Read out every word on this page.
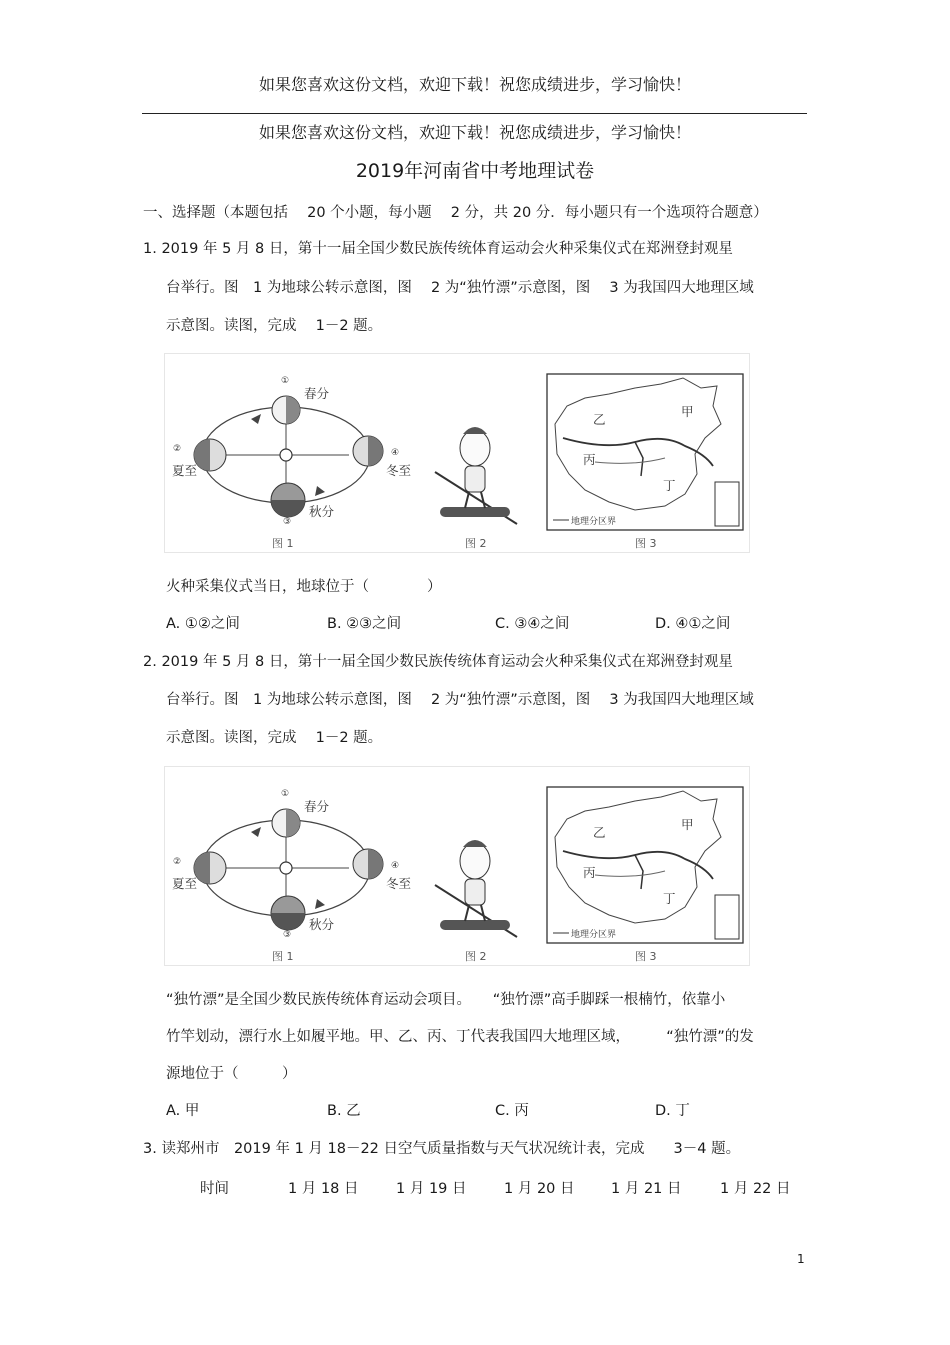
如果您喜欢这份文档，欢迎下载！祝您成绩进步，学习愉快！
如果您喜欢这份文档，欢迎下载！祝您成绩进步，学习愉快！
2019年河南省中考地理试卷
一、选择题（本题包括　 20 个小题，每小题　 2 分，共 20 分．每小题只有一个选项符合题意）
1. 2019 年 5 月 8 日，第十一届全国少数民族传统体育运动会火种采集仪式在郑洲登封观星
台举行。图　1 为地球公转示意图，图　 2 为“独竹漂”示意图，图　 3 为我国四大地理区域
示意图。读图，完成　 1－2 题。
①
春分
②
夏至
④
冬至
秋分
③
图 1	图 2	图 3
甲
乙
丙
丁
地理分区界
火种采集仪式当日，地球位于（　　　　）
A. ①②之间	B. ②③之间	C. ③④之间	D. ④①之间
2. 2019 年 5 月 8 日，第十一届全国少数民族传统体育运动会火种采集仪式在郑洲登封观星
台举行。图　1 为地球公转示意图，图　 2 为“独竹漂”示意图，图　 3 为我国四大地理区域
示意图。读图，完成　 1－2 题。
①
春分
②
夏至
④
冬至
秋分
③
图 1	图 2	图 3
甲
乙
丙
丁
地理分区界
“独竹漂”是全国少数民族传统体育运动会项目。　　“独竹漂”高手脚踩一根楠竹，依靠小
竹竿划动，漂行水上如履平地。甲、乙、丙、丁代表我国四大地理区域，　　　“独竹漂”的发
源地位于（　　　）
A. 甲	B. 乙	C. 丙	D. 丁
3. 读郑州市　2019 年 1 月 18－22 日空气质量指数与天气状况统计表，完成　　3－4 题。
时间	1 月 18 日	1 月 19 日	1 月 20 日	1 月 21 日	1 月 22 日
1
